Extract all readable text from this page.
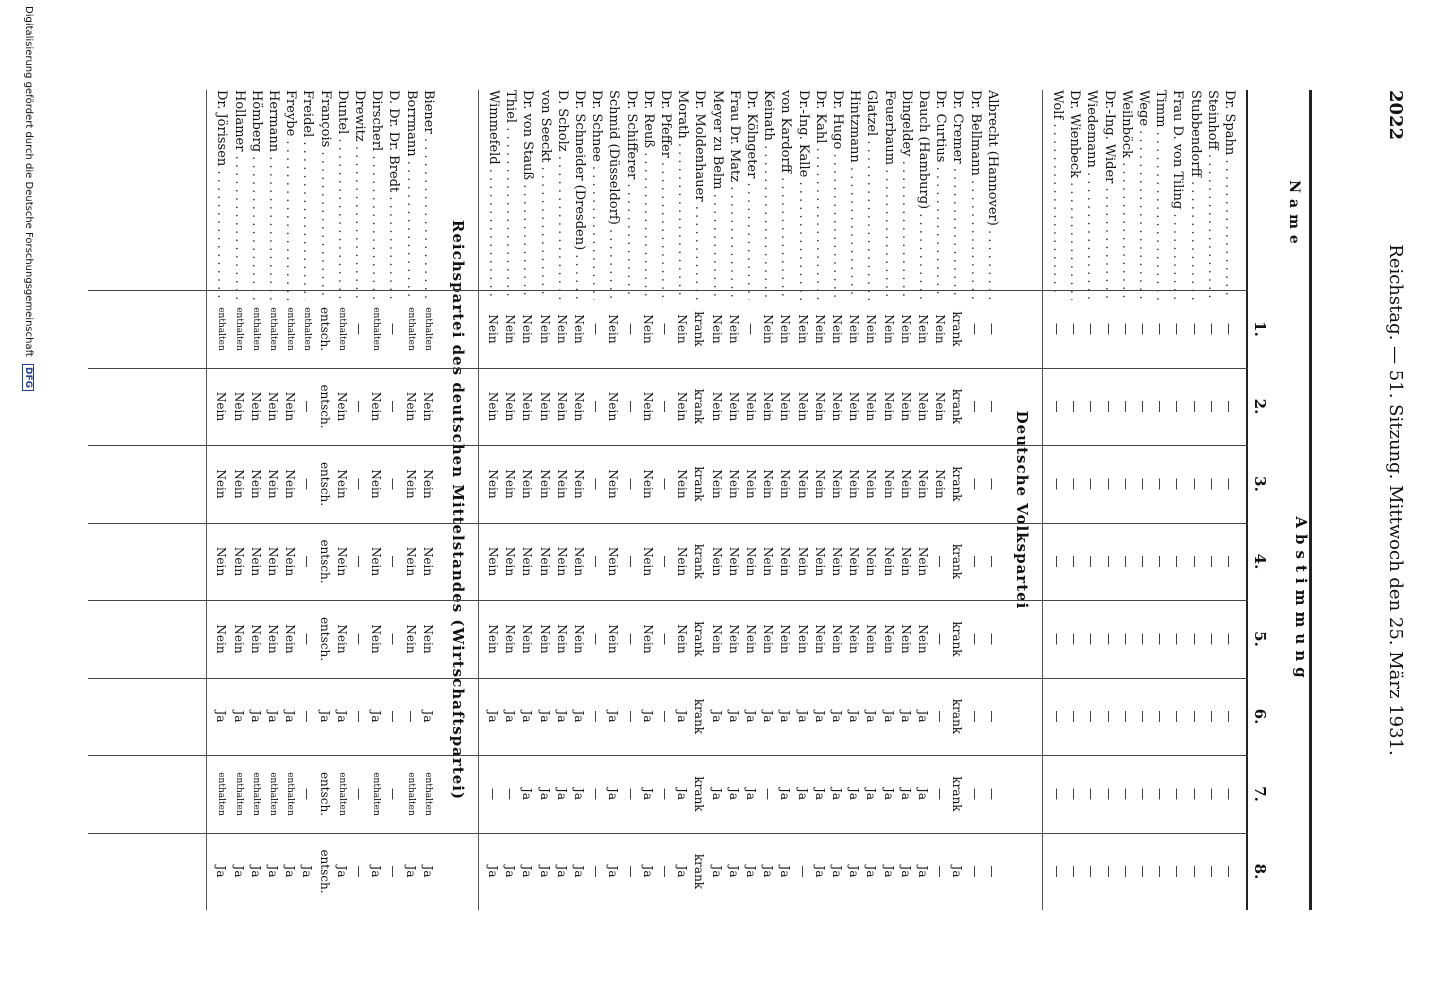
2022
Reichstag. — 51. Sitzung. Mittwoch den 25. März 1931.
Name
Abstimmung
1.
2.
3.
4.
5.
6.
7.
8.
Dr. Spahn . . .
—
—
—
—
—
—
—
—
Steinhoff . . .
—
—
—
—
—
—
—
—
Stubbendorff . . .
—
—
—
—
—
—
—
—
Frau D. von Tiling . . .
—
—
—
—
—
—
—
—
Timm . . .
—
—
—
—
—
—
—
—
Wege . . .
—
—
—
—
—
—
—
—
Weilnböck . . .
—
—
—
—
—
—
—
—
Dr.-Ing. Wider . . .
—
—
—
—
—
—
—
—
Wiedemann . . .
—
—
—
—
—
—
—
—
Dr. Wienbeck . . .
—
—
—
—
—
—
—
—
Wolf . . .
—
—
—
—
—
—
—
—
Deutsche Volkspartei
Albrecht (Hannover) . . .
—
—
—
—
—
—
—
—
Dr. Bellmann . . .
—
—
—
—
—
—
—
—
Dr. Cremer . . .
krank
krank
krank
krank
krank
krank
krank
Ja
Dr. Curtius . . .
Nein
Nein
Nein
—
—
—
—
—
Dauch (Hamburg) . . .
Nein
Nein
Nein
Nein
Nein
Ja
Ja
Ja
Dingeldey . . .
Nein
Nein
Nein
Nein
Nein
Ja
Ja
Ja
Feuerbaum . . .
Nein
Nein
Nein
Nein
Nein
Ja
Ja
Ja
Glatzel . . .
Nein
Nein
Nein
Nein
Nein
Ja
Ja
Ja
Hintzmann . . .
Nein
Nein
Nein
Nein
Nein
Ja
Ja
Ja
Dr. Hugo . . .
Nein
Nein
Nein
Nein
Nein
Ja
Ja
Ja
Dr. Kahl . . .
Nein
Nein
Nein
Nein
Nein
Ja
Ja
Ja
Dr.-Ing. Kalle . . .
Nein
Nein
Nein
Nein
Nein
Ja
Ja
—
von Kardorff . . .
Nein
Nein
Nein
Nein
Nein
Ja
Ja
Ja
Keinath . . .
Nein
Nein
Nein
Nein
Nein
Ja
—
Ja
Dr. Kölngeter . . .
—
Nein
Nein
Nein
Nein
Ja
Ja
Ja
Frau Dr. Matz . . .
Nein
Nein
Nein
Nein
Nein
Ja
Ja
Ja
Meyer zu Belm . . .
Nein
Nein
Nein
Nein
Nein
Ja
Ja
Ja
Dr. Moldenhauer . . .
krank
krank
krank
krank
krank
krank
krank
krank
Morath . . .
Nein
Nein
Nein
Nein
Nein
Ja
Ja
Ja
Dr. Pfeffer . . .
—
—
—
—
—
—
—
—
Dr. Reuß . . .
Nein
Nein
Nein
Nein
Nein
Ja
Ja
Ja
Dr. Schifferer . . .
—
—
—
—
—
—
—
—
Schmid (Düsseldorf) . . .
Nein
Nein
Nein
Nein
Nein
Ja
Ja
Ja
Dr. Schnee . . .
—
—
—
—
—
—
—
—
Dr. Schneider (Dresden) . . .
Nein
Nein
Nein
Nein
Nein
Ja
Ja
Ja
D. Scholz . . .
Nein
Nein
Nein
Nein
Nein
Ja
Ja
Ja
von Seeckt . . .
Nein
Nein
Nein
Nein
Nein
Ja
Ja
Ja
Dr. von Stauß . . .
Nein
Nein
Nein
Nein
Nein
Ja
Ja
Ja
Thiel . . .
Nein
Nein
Nein
Nein
Nein
Ja
—
Ja
Wimmefeld . . .
Nein
Nein
Nein
Nein
Nein
Ja
—
Ja
Reichspartei des deutschen Mittelstandes (Wirtschaftspartei)
Biener . . .
enthalten
Nein
Nein
Nein
Nein
Ja
enthalten
Ja
Borrmann . . .
enthalten
Nein
Nein
Nein
Nein
—
enthalten
Ja
D. Dr. Dr. Bredt . . .
—
—
—
—
—
—
—
—
Dirscherl . . .
enthalten
Nein
Nein
Nein
Nein
Ja
enthalten
Ja
Drewitz . . .
—
—
—
—
—
—
—
—
Duntel . . .
enthalten
Nein
Nein
Nein
Nein
Ja
enthalten
Ja
François . . .
entsch.
entsch.
entsch.
entsch.
entsch.
Ja
entsch.
entsch.
Freidel . . .
enthalten
—
—
—
—
—
—
Ja
Freybe . . .
enthalten
Nein
Nein
Nein
Nein
Ja
enthalten
Ja
Hermann . . .
enthalten
Nein
Nein
Nein
Nein
Ja
enthalten
Ja
Hömberg . . .
enthalten
Nein
Nein
Nein
Nein
Ja
enthalten
Ja
Hollamer . . .
enthalten
Nein
Nein
Nein
Nein
Ja
enthalten
Ja
Dr. Jörissen . . .
enthalten
Nein
Nein
Nein
Nein
Ja
enthalten
Ja
Digitalisierung gefördert durch die Deutsche Forschungsgemeinschaft DFG
